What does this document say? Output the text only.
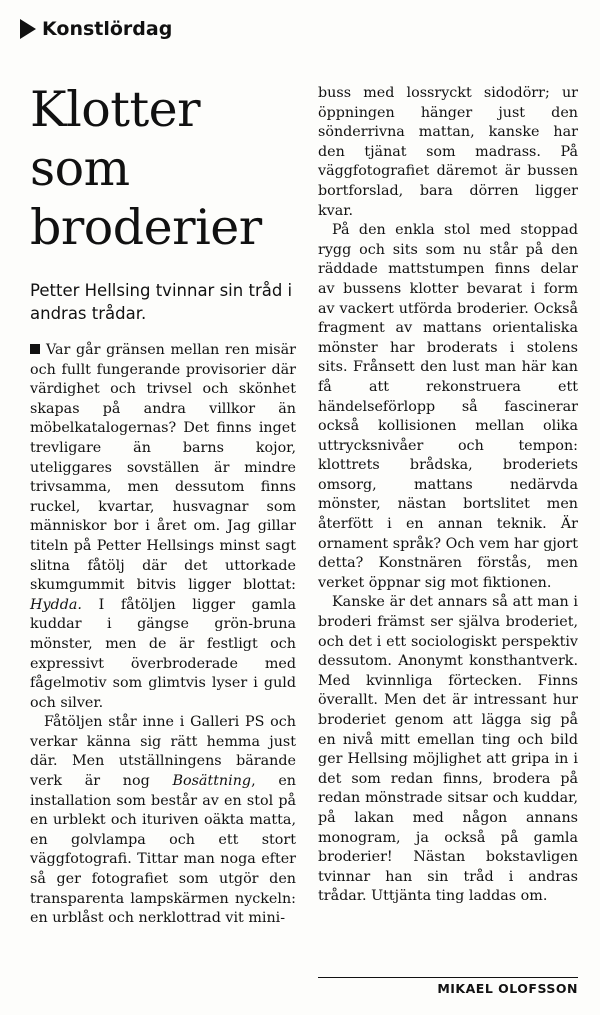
Konstlördag
Klotter
som
broderier

Petter Hellsing tvinnar sin tråd i andras trådar.

Var går gränsen mellan ren misär och fullt fungerande provisorier där värdighet och trivsel och skönhet skapas på andra villkor än möbelkatalogernas? Det finns inget trevligare än barns kojor, uteliggares sovställen är mindre trivsamma, men dessutom finns ruckel, kvartar, husvagnar som människor bor i året om. Jag gillar titeln på Petter Hellsings minst sagt slitna fåtölj där det uttorkade skumgummit bitvis ligger blottat: Hydda. I fåtöljen ligger gamla kuddar i gängse grön-bruna mönster, men de är festligt och expressivt överbroderade med fågelmotiv som glimtvis lyser i guld och silver.

Fåtöljen står inne i Galleri PS och verkar känna sig rätt hemma just där. Men utställningens bärande verk är nog Bosättning, en installation som består av en stol på en urblekt och ituriven oäkta matta, en golvlampa och ett stort väggfotografi. Tittar man noga efter så ger fotografiet som utgör den transparenta lampskärmen nyckeln: en urblåst och nerklottrad vit mini-

buss med lossryckt sidodörr; ur öppningen hänger just den sönderrivna mattan, kanske har den tjänat som madrass. På väggfotografiet däremot är bussen bortforslad, bara dörren ligger kvar.

På den enkla stol med stoppad rygg och sits som nu står på den räddade mattstumpen finns delar av bussens klotter bevarat i form av vackert utförda broderier. Också fragment av mattans orientaliska mönster har broderats i stolens sits. Frånsett den lust man här kan få att rekonstruera ett händelseförlopp så fascinerar också kollisionen mellan olika uttrycksnivåer och tempon: klottrets brådska, broderiets omsorg, mattans nedärvda mönster, nästan bortslitet men återfött i en annan teknik. Är ornament språk? Och vem har gjort detta? Konstnären förstås, men verket öppnar sig mot fiktionen.

Kanske är det annars så att man i broderi främst ser själva broderiet, och det i ett sociologiskt perspektiv dessutom. Anonymt konsthantverk. Med kvinnliga förtecken. Finns överallt. Men det är intressant hur broderiet genom att lägga sig på en nivå mitt emellan ting och bild ger Hellsing möjlighet att gripa in i det som redan finns, brodera på redan mönstrade sitsar och kuddar, på lakan med någon annans monogram, ja också på gamla broderier! Nästan bokstavligen tvinnar han sin tråd i andras trådar. Uttjänta ting laddas om.

MIKAEL OLOFSSON
